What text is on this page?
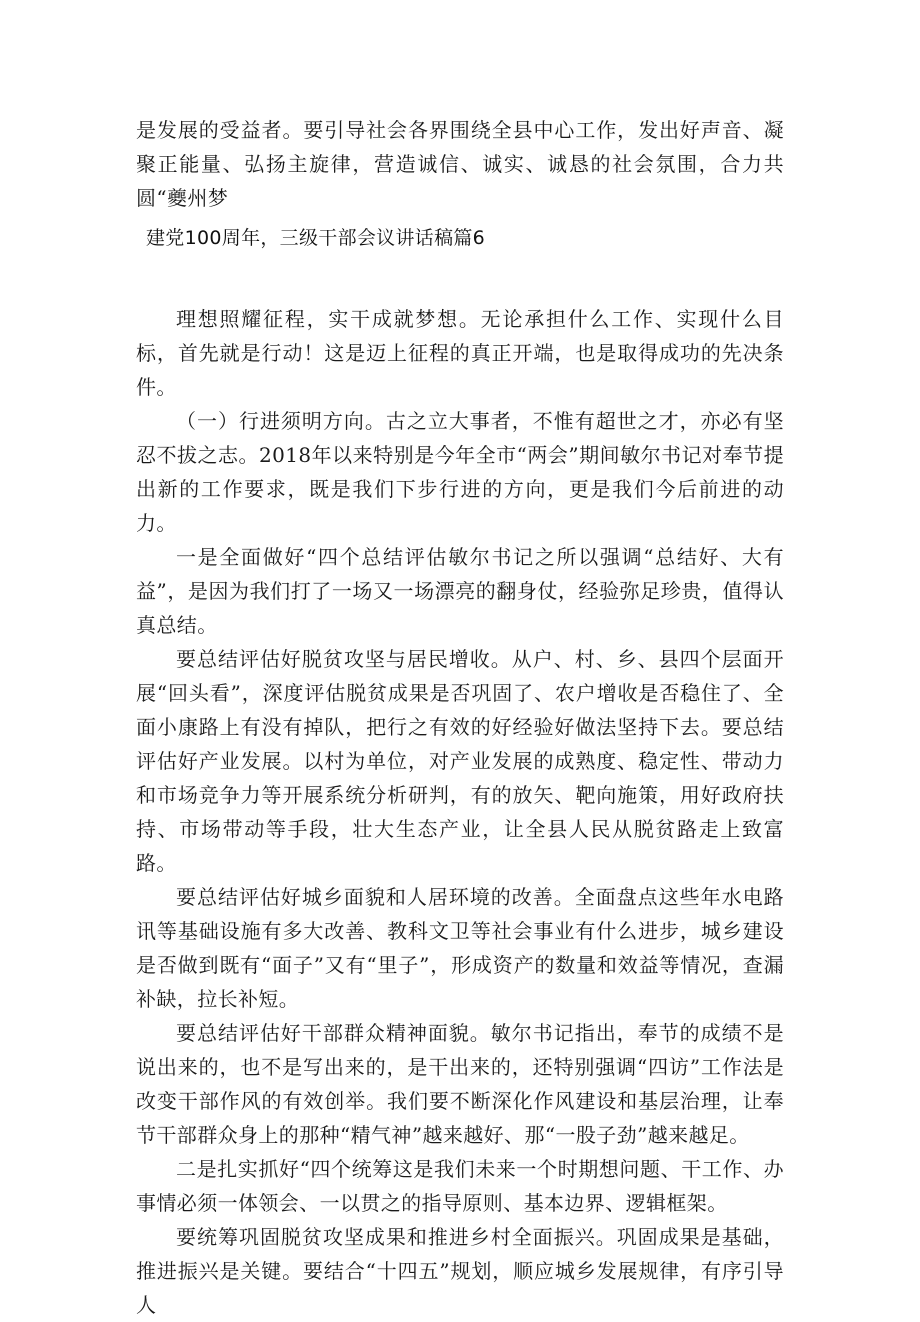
是发展的受益者。要引导社会各界围绕全县中心工作，发出好声音、凝聚正能量、弘扬主旋律，营造诚信、诚实、诚恳的社会氛围，合力共圆“夔州梦

建党100周年，三级干部会议讲话稿篇6

理想照耀征程，实干成就梦想。无论承担什么工作、实现什么目标，首先就是行动！这是迈上征程的真正开端，也是取得成功的先决条件。

（一）行进须明方向。古之立大事者，不惟有超世之才，亦必有坚忍不拔之志。2018年以来特别是今年全市“两会”期间敏尔书记对奉节提出新的工作要求，既是我们下步行进的方向，更是我们今后前进的动力。

一是全面做好“四个总结评估敏尔书记之所以强调“总结好、大有益”，是因为我们打了一场又一场漂亮的翻身仗，经验弥足珍贵，值得认真总结。

要总结评估好脱贫攻坚与居民增收。从户、村、乡、县四个层面开展“回头看”，深度评估脱贫成果是否巩固了、农户增收是否稳住了、全面小康路上有没有掉队，把行之有效的好经验好做法坚持下去。要总结评估好产业发展。以村为单位，对产业发展的成熟度、稳定性、带动力和市场竞争力等开展系统分析研判，有的放矢、靶向施策，用好政府扶持、市场带动等手段，壮大生态产业，让全县人民从脱贫路走上致富路。

要总结评估好城乡面貌和人居环境的改善。全面盘点这些年水电路讯等基础设施有多大改善、教科文卫等社会事业有什么进步，城乡建设是否做到既有“面子”又有“里子”，形成资产的数量和效益等情况，查漏补缺，拉长补短。

要总结评估好干部群众精神面貌。敏尔书记指出，奉节的成绩不是说出来的，也不是写出来的，是干出来的，还特别强调“四访”工作法是改变干部作风的有效创举。我们要不断深化作风建设和基层治理，让奉节干部群众身上的那种“精气神”越来越好、那“一股子劲”越来越足。

二是扎实抓好“四个统筹这是我们未来一个时期想问题、干工作、办事情必须一体领会、一以贯之的指导原则、基本边界、逻辑框架。

要统筹巩固脱贫攻坚成果和推进乡村全面振兴。巩固成果是基础，推进振兴是关键。要结合“十四五”规划，顺应城乡发展规律，有序引导人
